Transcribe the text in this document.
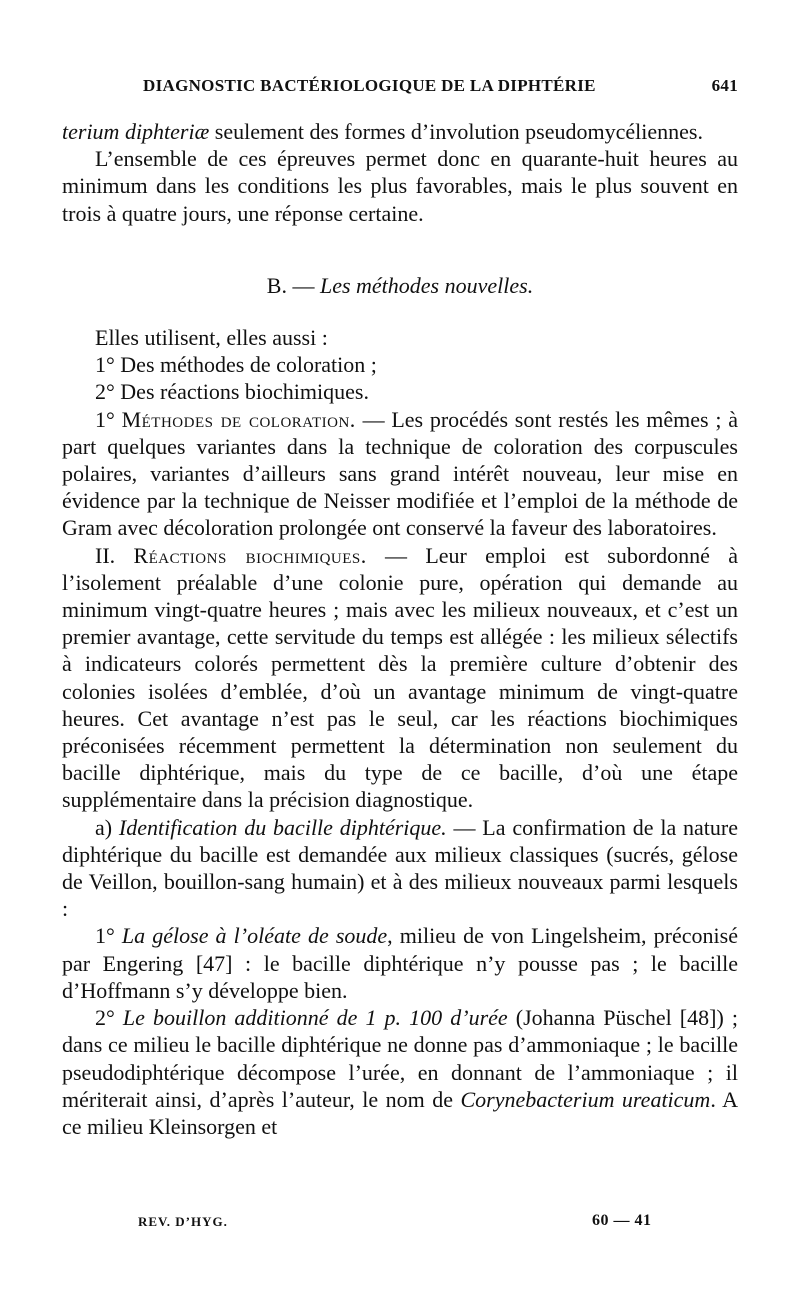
DIAGNOSTIC BACTÉRIOLOGIQUE DE LA DIPHTÉRIE	641

terium diphteriæ seulement des formes d’involution pseudomycéliennes.

L’ensemble de ces épreuves permet donc en quarante-huit heures au minimum dans les conditions les plus favorables, mais le plus souvent en trois à quatre jours, une réponse certaine.

B. — Les méthodes nouvelles.

Elles utilisent, elles aussi :

1° Des méthodes de coloration ;

2° Des réactions biochimiques.

1° Méthodes de coloration. — Les procédés sont restés les mêmes ; à part quelques variantes dans la technique de coloration des corpuscules polaires, variantes d’ailleurs sans grand intérêt nouveau, leur mise en évidence par la technique de Neisser modifiée et l’emploi de la méthode de Gram avec décoloration prolongée ont conservé la faveur des laboratoires.

II. Réactions biochimiques. — Leur emploi est subordonné à l’isolement préalable d’une colonie pure, opération qui demande au minimum vingt-quatre heures ; mais avec les milieux nouveaux, et c’est un premier avantage, cette servitude du temps est allégée : les milieux sélectifs à indicateurs colorés permettent dès la première culture d’obtenir des colonies isolées d’emblée, d’où un avantage minimum de vingt-quatre heures. Cet avantage n’est pas le seul, car les réactions biochimiques préconisées récemment permettent la détermination non seulement du bacille diphtérique, mais du type de ce bacille, d’où une étape supplémentaire dans la précision diagnostique.

a) Identification du bacille diphtérique. — La confirmation de la nature diphtérique du bacille est demandée aux milieux classiques (sucrés, gélose de Veillon, bouillon-sang humain) et à des milieux nouveaux parmi lesquels :

1° La gélose à l’oléate de soude, milieu de von Lingelsheim, préconisé par Engering [47] : le bacille diphtérique n’y pousse pas ; le bacille d’Hoffmann s’y développe bien.

2° Le bouillon additionné de 1 p. 100 d’urée (Johanna Püschel [48]) ; dans ce milieu le bacille diphtérique ne donne pas d’ammoniaque ; le bacille pseudodiphtérique décompose l’urée, en donnant de l’ammoniaque ; il mériterait ainsi, d’après l’auteur, le nom de Corynebacterium ureaticum. A ce milieu Kleinsorgen et

REV. D’HYG.	60 — 41
